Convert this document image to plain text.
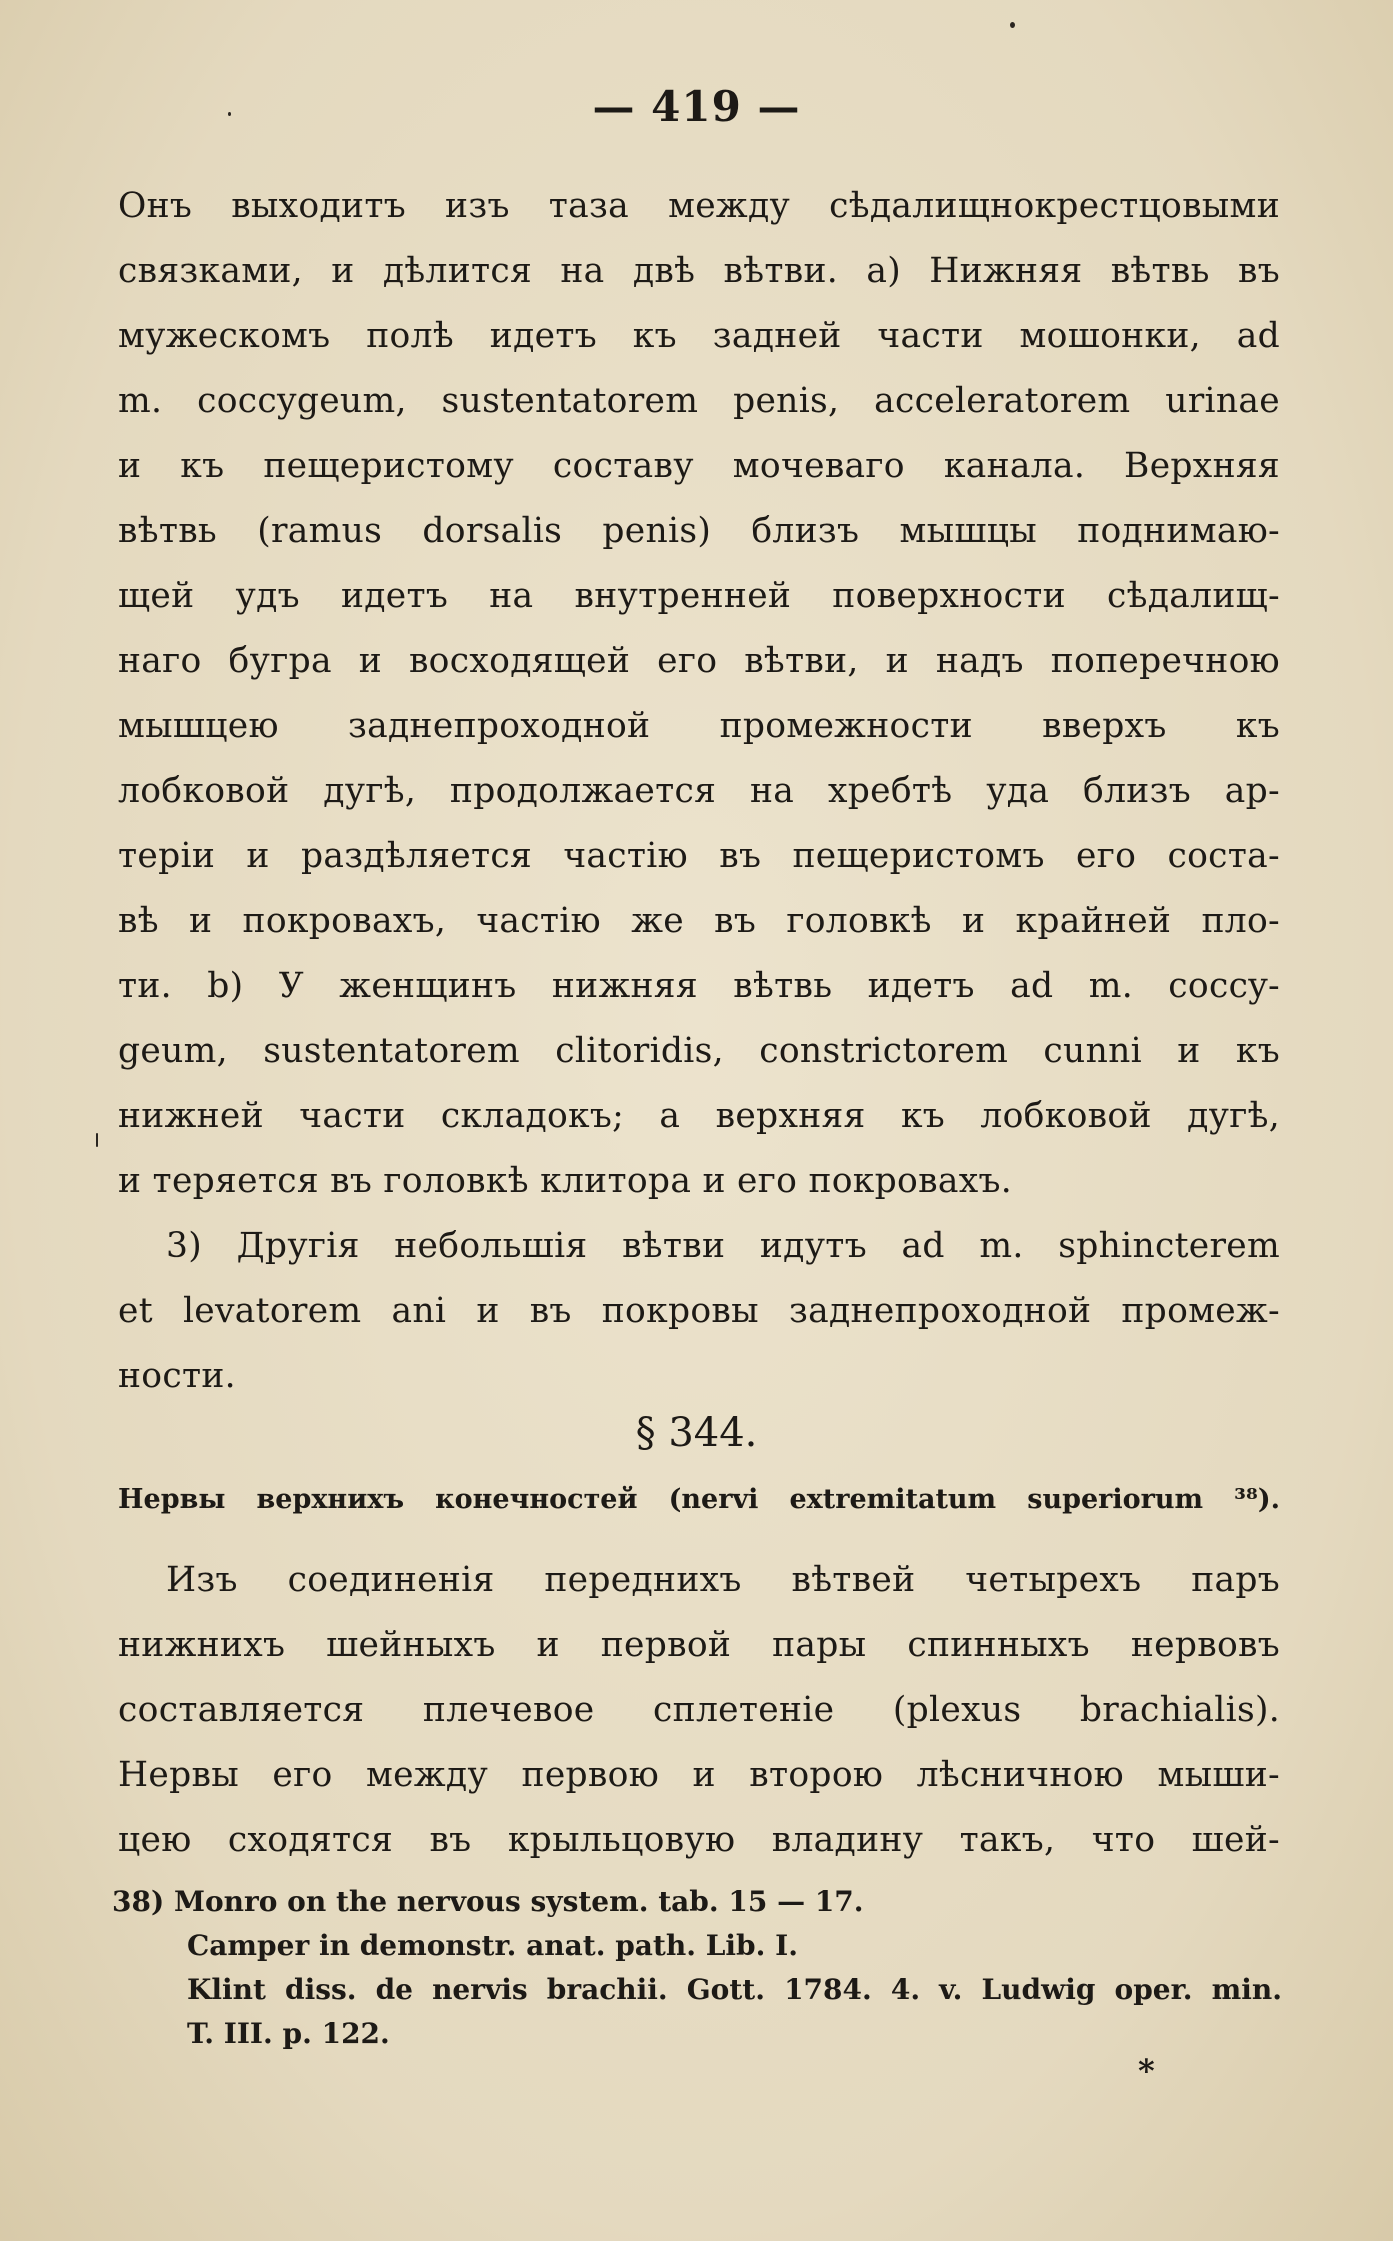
— 419 —
Онъ выходитъ изъ таза между сѣдалищнокрестцовыми
связками, и дѣлится на двѣ вѣтви. а) Нижняя вѣтвь въ
мужескомъ полѣ идетъ къ задней части мошонки, ad
m. coccygeum, sustentatorem penis, acceleratorem urinae
и къ пещеристому составу мочеваго канала. Верхняя
вѣтвь (ramus dorsalis penis) близъ мышцы поднимаю-
щей удъ идетъ на внутренней поверхности сѣдалищ-
наго бугра и восходящей его вѣтви, и надъ поперечною
мышцею заднепроходной промежности вверхъ къ
лобковой дугѣ, продолжается на хребтѣ уда близъ ар-
терiи и раздѣляется частiю въ пещеристомъ его соста-
вѣ и покровахъ, частiю же въ головкѣ и крайней пло-
ти. b) У женщинъ нижняя вѣтвь идетъ ad m. coccy-
geum, sustentatorem clitoridis, constrictorem cunni и къ
нижней части складокъ; а верхняя къ лобковой дугѣ,
и теряется въ головкѣ клитора и его покровахъ.
3) Другiя небольшiя вѣтви идутъ ad m. sphincterem
et levatorem ani и въ покровы заднепроходной промеж-
ности.
§ 344.
Нервы верхнихъ конечностей (nervi extremitatum superiorum ³⁸).
Изъ соединенiя переднихъ вѣтвей четырехъ паръ
нижнихъ шейныхъ и первой пары спинныхъ нервовъ
составляется плечевое сплетенiе (plexus brachialis).
Нервы его между первою и второю лѣсничною мыши-
цею сходятся въ крыльцовую владину такъ, что шей-
38) Monro on the nervous system. tab. 15 — 17.
Camper in demonstr. anat. path. Lib. I.
Klint diss. de nervis brachii. Gott. 1784. 4. v. Ludwig oper. min.
T. III. p. 122.
*
